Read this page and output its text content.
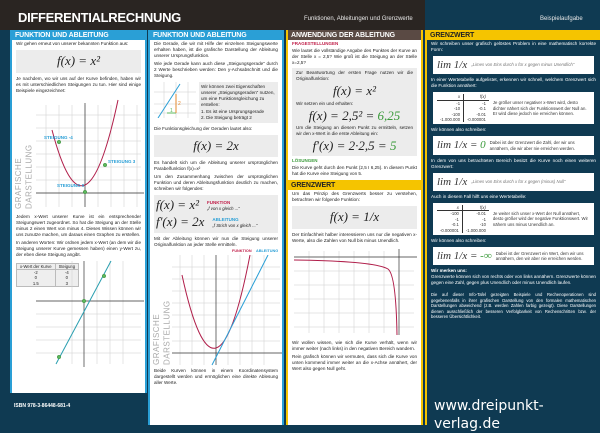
DIFFERENTIALRECHNUNG	Funktionen, Ableitungen und Grenzwerte	Beispielaufgabe
FUNKTION UND ABLEITUNG

Wir gehen erneut von unserer bekannten Funktion aus:

f(x) = x²

Je nachdem, wo wir uns auf der Kurve befinden, haben wir es mit unterschiedlichen Steigungen zu tun. Hier sind einige Beispiele eingezeichnet:

GRAFISCHE DARSTELLUNG
STEIGUNG -4
STEIGUNG 3
STEIGUNG 0

Jedem x-Wert unserer Kurve ist ein entsprechender Steigungswert zugeordnet. So hat die Steigung an der Stelle minus 2 einen Wert von minus 4. Dieses Wissen können wir uns zunutze machen, um daraus einen Graphen zu erstellen.

In anderen Worten: Wir ordnen jedem x-Wert (an dem wir die Steigung unserer Kurve gemessen haben) einen y-Wert zu, der eben diese Steigung angibt.

x-Wert der Kurve	Steigung
-2	-4
0	0
1.5	3
ISBN 978-3-86448-681-4
FUNKTION UND ABLEITUNG

Die Gerade, die wir mit Hilfe der einzelnen Steigungswerte erhalten haben, ist die grafische Darstellung der Ableitung unserer Ursprungsfunktion.

Wie jede Gerade kann auch diese „Steigungsgerade" durch 2 Werte beschrieben werden: Den y-Achsabschnitt und die Steigung.

2
1
Wir können zwei Eigenschaften unserer „Steigungsgeraden" nutzen, um eine Funktionsgleichung zu erstellen:
1. Es ist eine Ursprungsgerade
2. Die Steigung beträgt 2

Die Funktionsgleichung der Geraden lautet also:

f(x) = 2x

Es handelt sich um die Ableitung unserer ursprünglichen Parabelfunktion f(x)=x²

Um den Zusammenhang zwischen der ursprünglichen Funktion und deren Ableitungsfunktion deutlich zu machen, schreiben wir folgendes:

f(x) = x² FUNKTION
„f von x gleich ..."
f'(x) = 2x ABLEITUNG
„f Strich von x gleich ..."

Mit der Ableitung können wir nun die Steigung unserer Originalfunktion an jeder Stelle ermitteln.

GRAFISCHE DARSTELLUNG
FUNKTION ABLEITUNG

Beide Kurven können in einem Koordinatensystem dargestellt werden und ermöglichen eine direkte Ablesung aller Werte.

ANWENDUNG DER ABLEITUNG
FRAGESTELLUNGEN

Wie lautet die vollständige Angabe des Punktes der Kurve an der Stelle x = 2,5? Wie groß ist die Steigung an der Stelle x=2,5?

Zur Beantwortung der ersten Frage nutzen wir die Originalfunktion:

f(x) = x²

Wir setzen ein und erhalten:

f(x) = 2,5² = 6,25

Um die Steigung an diesem Punkt zu ermitteln, setzen wir den x-Wert in die erste Ableitung ein:

f'(x) = 2·2,5 = 5
LÖSUNGEN

Die Kurve geht durch den Punkt (2,5 I 6,25). In diesem Punkt hat die Kurve eine Steigung von 5.

GRENZWERT

Um das Prinzip des Grenzwerts besser zu verstehen, betrachten wir folgende Funktion:

f(x) = 1/x

Der Einfachheit halber interessieren uns nur die negativen x-Werte, also die Zahlen von Null bis minus Unendlich.

Wir wollen wissen, wie sich die Kurve verhält, wenn wir immer weiter (nach links) in den negativen Bereich wandern.

Rein grafisch können wir vermuten, dass sich die Kurve von unten kommend immer weiter an die x-Achse annähert, der Wert also gegen Null geht.

GRENZWERT

Wir schreiben unser grafisch gelöstes Problem in eine mathematisch korrekte Form:

lim 1/x „Limes von Eins durch x für x gegen minus Unendlich"

In einer Wertetabelle aufgelistet, erkennen wir schnell, welchem Grenzwert sich die Funktion annähert:

x	f(x)
-1	-1
-10	-0.1
-100	-0.01
-1.000.000	-0.000001
Je größer unser negativer x-Wert wird, desto dichter nähert sich der Funktionswert der Null an. Er wird diese jedoch nie erreichen können.

Wir können also schreiben:

lim 1/x = 0 Dabei ist der Grenzwert die Zahl, der wir uns annähern, die wir aber nie erreichen werden.

In dem von uns betrachteten Bereich besitzt die Kurve noch einen weiteren Grenzwert:

lim 1/x „Limes von Eins durch x für x gegen (minus) Null"

Auch in diesem Fall hilft uns eine Wertetabelle:

x	f(x)
-100	-0.01
-1	-1
-0.1	-10
-0.000001	-1.000.000
Je weiter sich unser x-Wert der Null annähert, desto größer wird der negative Funktionswert. Wir nähern uns minus Unendlich an.

Wir können also schreiben:

lim 1/x = -∞ Dabei ist der Grenzwert ein Wert, dem wir uns annähern, den wir aber nie erreichen werden.

Wir merken uns:

Grenzwerte können sich von rechts oder von links annähern. Grenzwerte können gegen eine Zahl, gegen plus Unendlich oder minus Unendlich laufen.

Die auf dieser Info-Tafel gezeigten Beispiele und Rechenoperationen sind gegebenenfalls in ihrer grafischen Darstellung von den formalen mathematischen Darstellungen abweichend (z.B. werden Zahlen farbig gezeigt). Diese Darstellungen dienen ausschließlich der besseren Verfolgbarkeit von Rechenschritten bzw. der besseren Übersichtlichkeit.

www.dreipunkt-verlag.de
